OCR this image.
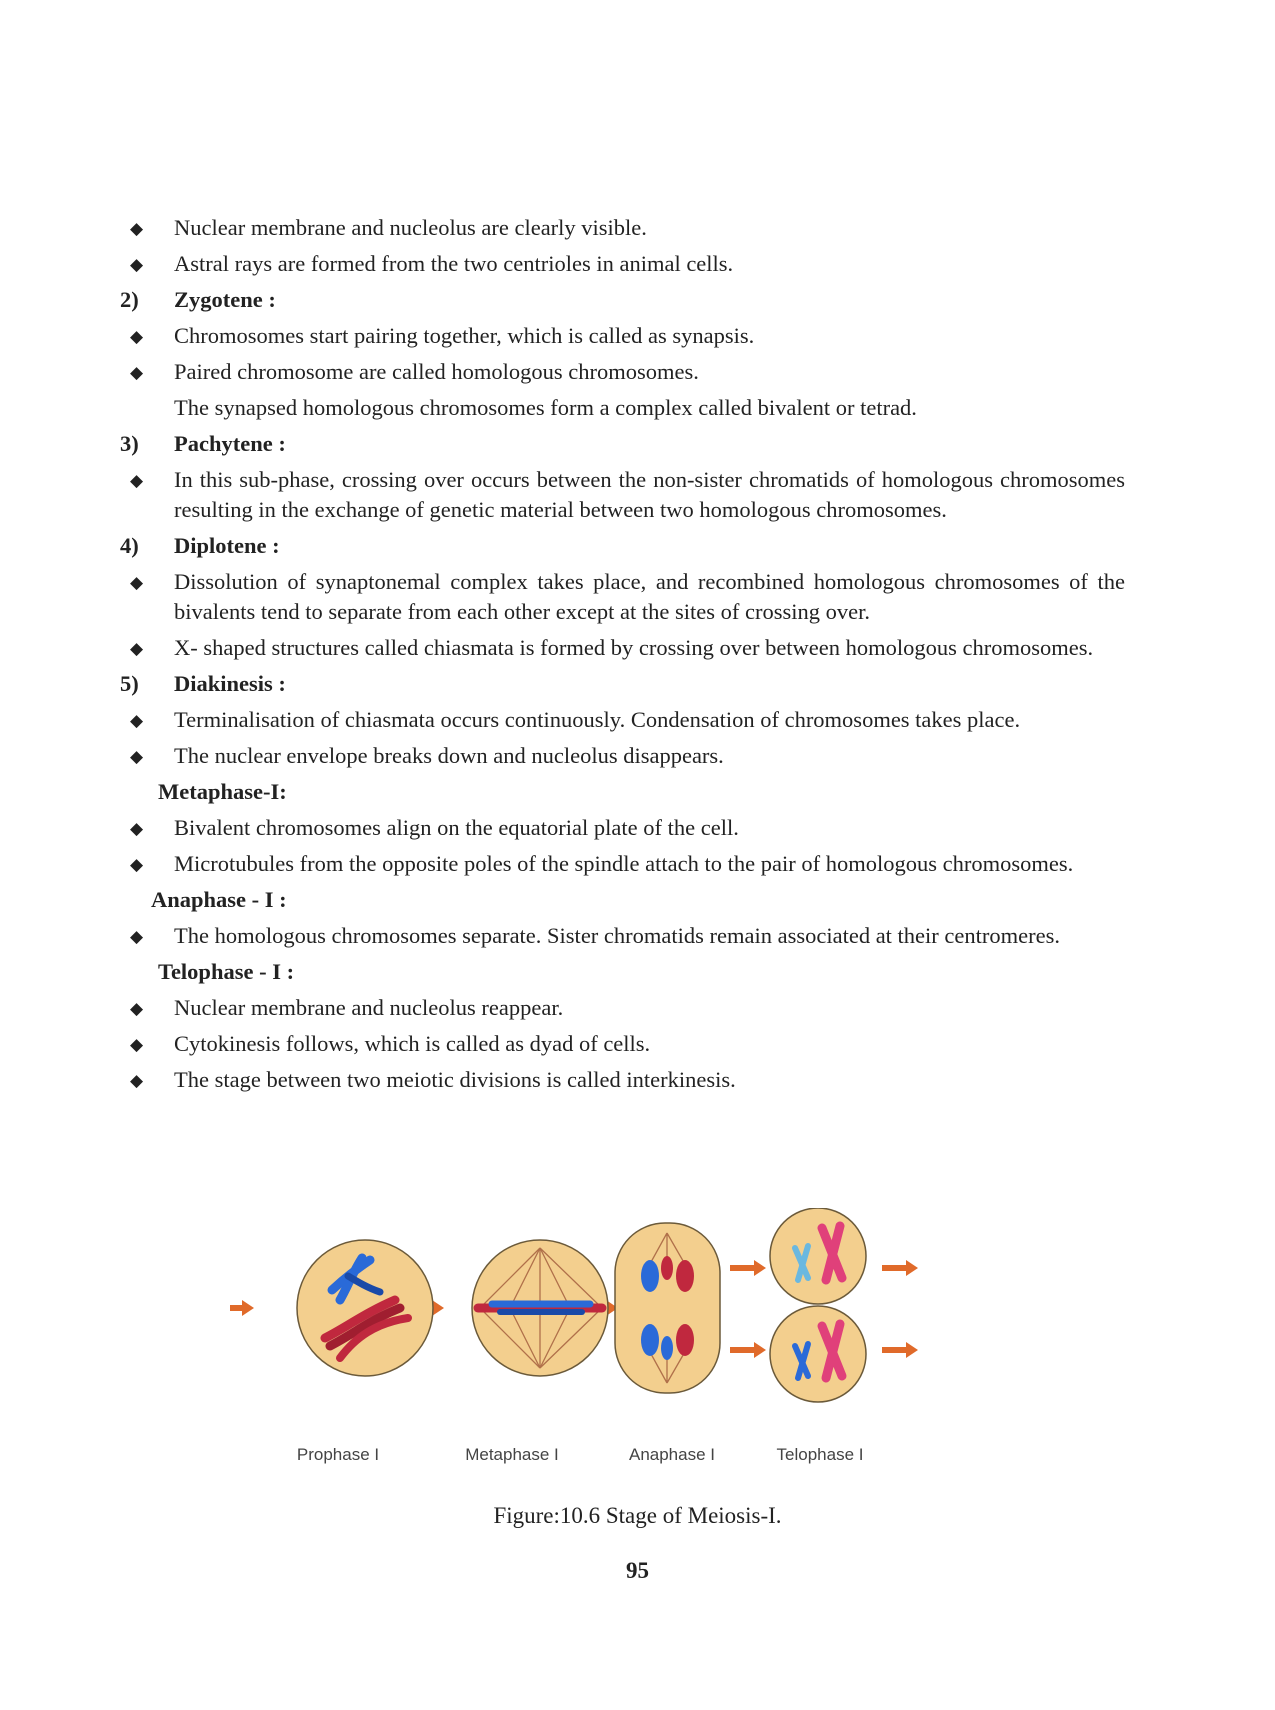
◆ Nuclear membrane and nucleolus are clearly visible.
◆ Astral rays are formed from the two centrioles in animal cells.
2) Zygotene :
◆ Chromosomes start pairing together, which is called as synapsis.
◆ Paired chromosome are called homologous chromosomes.
The synapsed homologous chromosomes form a complex called bivalent or tetrad.
3) Pachytene :
◆ In this sub-phase, crossing over occurs between the non-sister chromatids of homologous chromosomes resulting in the exchange of genetic material between two homologous chromosomes.
4) Diplotene :
◆ Dissolution of synaptonemal complex takes place, and recombined homologous chromosomes of the bivalents tend to separate from each other except at the sites of crossing over.
◆ X- shaped structures called chiasmata is formed by crossing over between homologous chromosomes.
5) Diakinesis :
◆ Terminalisation of chiasmata occurs continuously. Condensation of chromosomes takes place.
◆ The nuclear envelope breaks down and nucleolus disappears.
Metaphase-I:
◆ Bivalent chromosomes align on the equatorial plate of the cell.
◆ Microtubules from the opposite poles of the spindle attach to the pair of homologous chromosomes.
Anaphase - I :
◆ The homologous chromosomes separate. Sister chromatids remain associated at their centromeres.
Telophase - I :
◆ Nuclear membrane and nucleolus reappear.
◆ Cytokinesis follows, which is called as dyad of cells.
◆ The stage between two meiotic divisions is called interkinesis.
Prophase I	Metaphase I	Anaphase I	Telophase I
Figure:10.6 Stage of Meiosis-I.
95
